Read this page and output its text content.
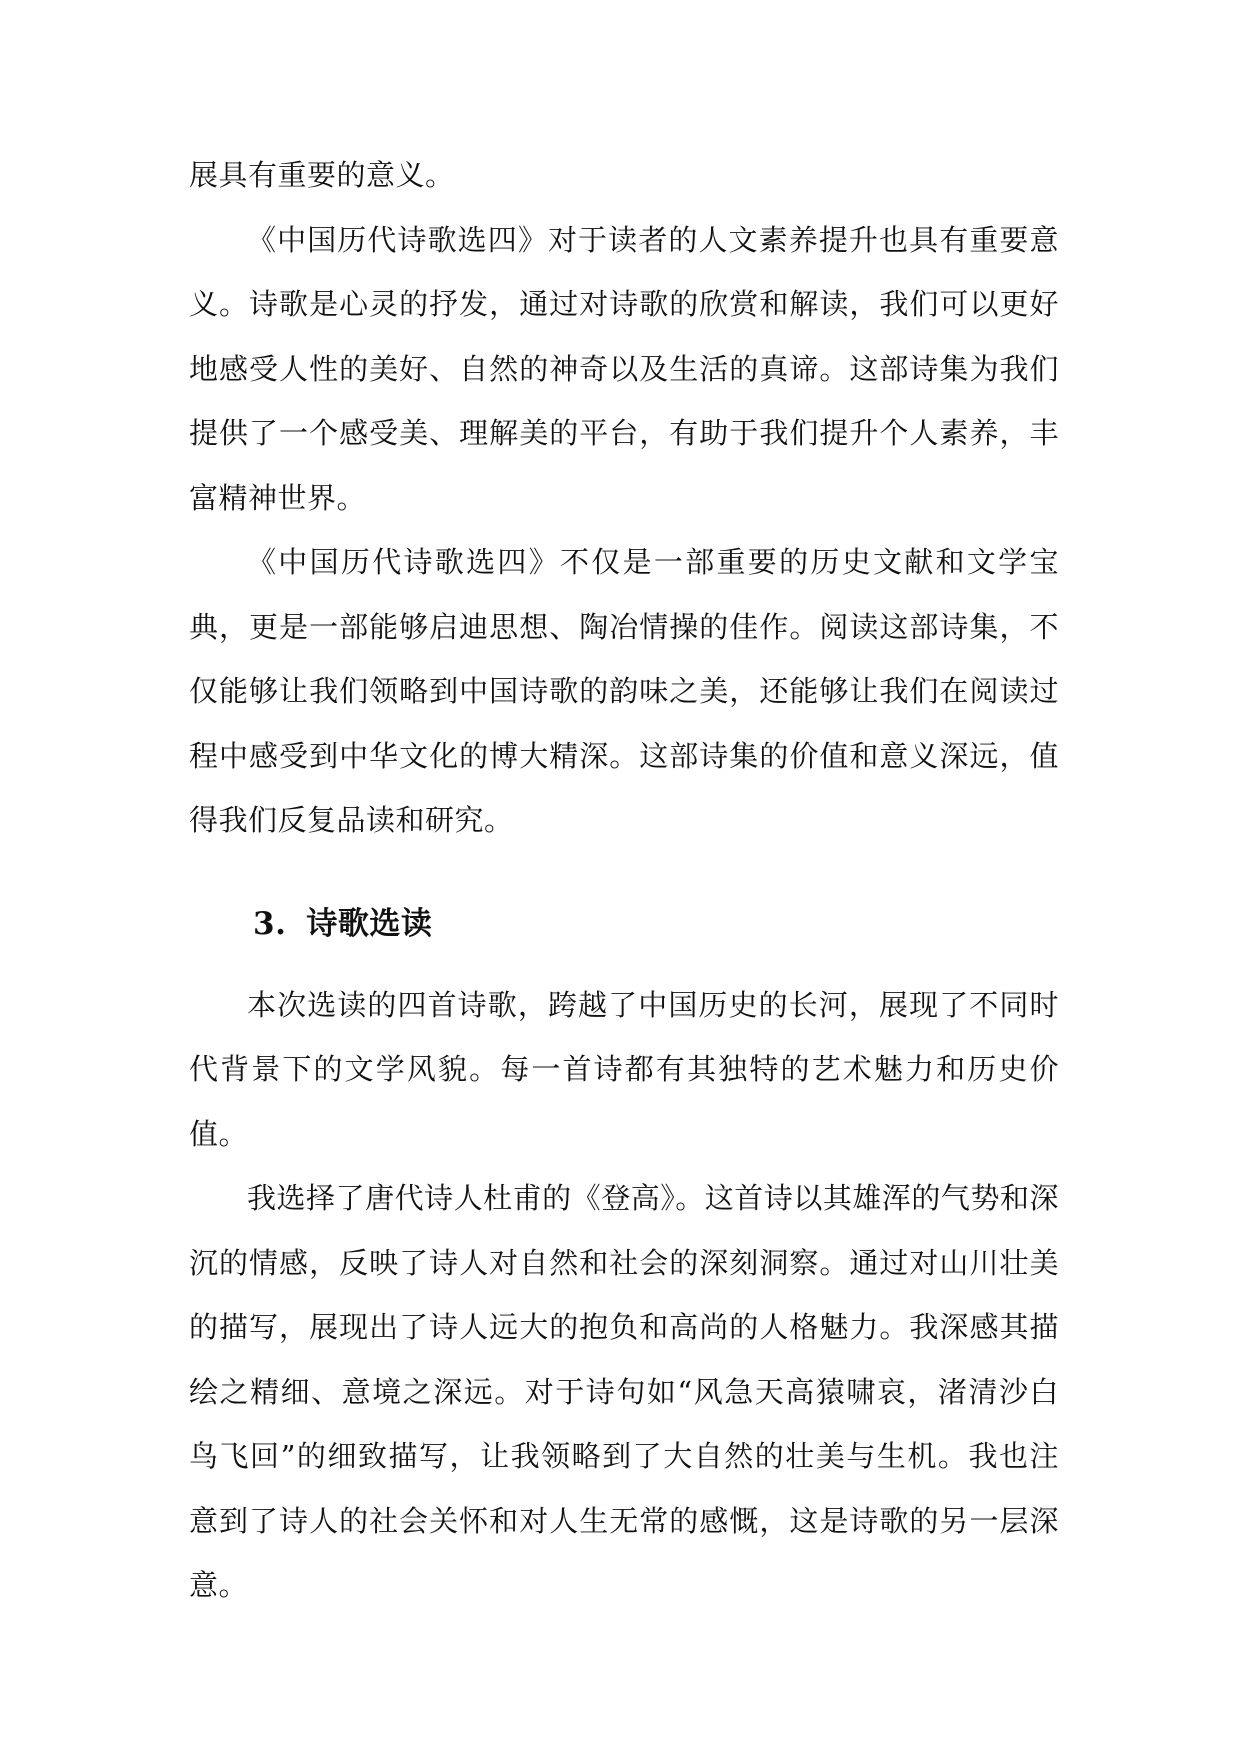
展具有重要的意义。

《中国历代诗歌选四》对于读者的人文素养提升也具有重要意义。诗歌是心灵的抒发，通过对诗歌的欣赏和解读，我们可以更好地感受人性的美好、自然的神奇以及生活的真谛。这部诗集为我们提供了一个感受美、理解美的平台，有助于我们提升个人素养，丰富精神世界。

《中国历代诗歌选四》不仅是一部重要的历史文献和文学宝典，更是一部能够启迪思想、陶冶情操的佳作。阅读这部诗集，不仅能够让我们领略到中国诗歌的韵味之美，还能够让我们在阅读过程中感受到中华文化的博大精深。这部诗集的价值和意义深远，值得我们反复品读和研究。

3. 诗歌选读

本次选读的四首诗歌，跨越了中国历史的长河，展现了不同时代背景下的文学风貌。每一首诗都有其独特的艺术魅力和历史价值。

我选择了唐代诗人杜甫的《登高》。这首诗以其雄浑的气势和深沉的情感，反映了诗人对自然和社会的深刻洞察。通过对山川壮美的描写，展现出了诗人远大的抱负和高尚的人格魅力。我深感其描绘之精细、意境之深远。对于诗句如“风急天高猿啸哀，渚清沙白鸟飞回”的细致描写，让我领略到了大自然的壮美与生机。我也注意到了诗人的社会关怀和对人生无常的感慨，这是诗歌的另一层深意。
